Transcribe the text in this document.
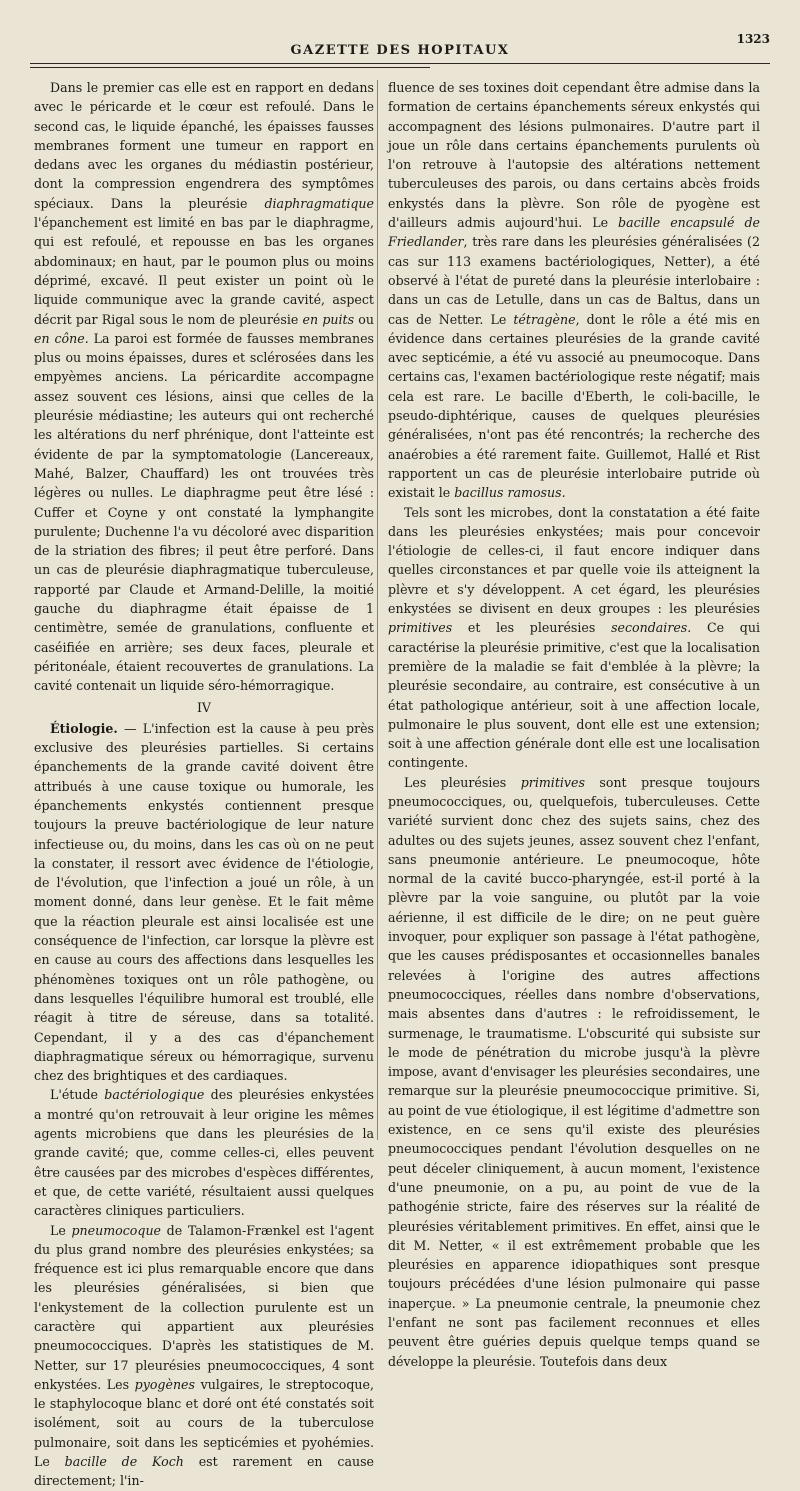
GAZETTE DES HOPITAUX
1323

Dans le premier cas elle est en rapport en dedans avec le péricarde et le cœur est refoulé. Dans le second cas, le liquide épanché, les épaisses fausses membranes forment une tumeur en rapport en dedans avec les organes du médiastin postérieur, dont la compression engendrera des symptômes spéciaux. Dans la pleurésie diaphragmatique l'épanchement est limité en bas par le diaphragme, qui est refoulé, et repousse en bas les organes abdominaux; en haut, par le poumon plus ou moins déprimé, excavé. Il peut exister un point où le liquide communique avec la grande cavité, aspect décrit par Rigal sous le nom de pleurésie en puits ou en cône. La paroi est formée de fausses membranes plus ou moins épaisses, dures et sclérosées dans les empyèmes anciens. La péricardite accompagne assez souvent ces lésions, ainsi que celles de la pleurésie médiastine; les auteurs qui ont recherché les altérations du nerf phrénique, dont l'atteinte est évidente de par la symptomatologie (Lancereaux, Mahé, Balzer, Chauffard) les ont trouvées très légères ou nulles. Le diaphragme peut être lésé : Cuffer et Coyne y ont constaté la lymphangite purulente; Duchenne l'a vu décoloré avec disparition de la striation des fibres; il peut être perforé. Dans un cas de pleurésie diaphragmatique tuberculeuse, rapporté par Claude et Armand-Delille, la moitié gauche du diaphragme était épaisse de 1 centimètre, semée de granulations, confluente et caséifiée en arrière; ses deux faces, pleurale et péritonéale, étaient recouvertes de granulations. La cavité contenait un liquide séro-hémorragique.

IV

Étiologie. — L'infection est la cause à peu près exclusive des pleurésies partielles. Si certains épanchements de la grande cavité doivent être attribués à une cause toxique ou humorale, les épanchements enkystés contiennent presque toujours la preuve bactériologique de leur nature infectieuse ou, du moins, dans les cas où on ne peut la constater, il ressort avec évidence de l'étiologie, de l'évolution, que l'infection a joué un rôle, à un moment donné, dans leur genèse. Et le fait même que la réaction pleurale est ainsi localisée est une conséquence de l'infection, car lorsque la plèvre est en cause au cours des affections dans lesquelles les phénomènes toxiques ont un rôle pathogène, ou dans lesquelles l'équilibre humoral est troublé, elle réagit à titre de séreuse, dans sa totalité. Cependant, il y a des cas d'épanchement diaphragmatique séreux ou hémorragique, survenu chez des brightiques et des cardiaques.

L'étude bactériologique des pleurésies enkystées a montré qu'on retrouvait à leur origine les mêmes agents microbiens que dans les pleurésies de la grande cavité; que, comme celles-ci, elles peuvent être causées par des microbes d'espèces différentes, et que, de cette variété, résultaient aussi quelques caractères cliniques particuliers.

Le pneumocoque de Talamon-Frænkel est l'agent du plus grand nombre des pleurésies enkystées; sa fréquence est ici plus remarquable encore que dans les pleurésies généralisées, si bien que l'enkystement de la collection purulente est un caractère qui appartient aux pleurésies pneumococciques. D'après les statistiques de M. Netter, sur 17 pleurésies pneumococciques, 4 sont enkystées. Les pyogènes vulgaires, le streptocoque, le staphylocoque blanc et doré ont été constatés soit isolément, soit au cours de la tuberculose pulmonaire, soit dans les septicémies et pyohémies. Le bacille de Koch est rarement en cause directement; l'in-

fluence de ses toxines doit cependant être admise dans la formation de certains épanchements séreux enkystés qui accompagnent des lésions pulmonaires. D'autre part il joue un rôle dans certains épanchements purulents où l'on retrouve à l'autopsie des altérations nettement tuberculeuses des parois, ou dans certains abcès froids enkystés dans la plèvre. Son rôle de pyogène est d'ailleurs admis aujourd'hui. Le bacille encapsulé de Friedlander, très rare dans les pleurésies généralisées (2 cas sur 113 examens bactériologiques, Netter), a été observé à l'état de pureté dans la pleurésie interlobaire : dans un cas de Letulle, dans un cas de Baltus, dans un cas de Netter. Le tétragène, dont le rôle a été mis en évidence dans certaines pleurésies de la grande cavité avec septicémie, a été vu associé au pneumocoque. Dans certains cas, l'examen bactériologique reste négatif; mais cela est rare. Le bacille d'Eberth, le coli-bacille, le pseudo-diphtérique, causes de quelques pleurésies généralisées, n'ont pas été rencontrés; la recherche des anaérobies a été rarement faite. Guillemot, Hallé et Rist rapportent un cas de pleurésie interlobaire putride où existait le bacillus ramosus.

Tels sont les microbes, dont la constatation a été faite dans les pleurésies enkystées; mais pour concevoir l'étiologie de celles-ci, il faut encore indiquer dans quelles circonstances et par quelle voie ils atteignent la plèvre et s'y développent. A cet égard, les pleurésies enkystées se divisent en deux groupes : les pleurésies primitives et les pleurésies secondaires. Ce qui caractérise la pleurésie primitive, c'est que la localisation première de la maladie se fait d'emblée à la plèvre; la pleurésie secondaire, au contraire, est consécutive à un état pathologique antérieur, soit à une affection locale, pulmonaire le plus souvent, dont elle est une extension; soit à une affection générale dont elle est une localisation contingente.

Les pleurésies primitives sont presque toujours pneumococciques, ou, quelquefois, tuberculeuses. Cette variété survient donc chez des sujets sains, chez des adultes ou des sujets jeunes, assez souvent chez l'enfant, sans pneumonie antérieure. Le pneumocoque, hôte normal de la cavité bucco-pharyngée, est-il porté à la plèvre par la voie sanguine, ou plutôt par la voie aérienne, il est difficile de le dire; on ne peut guère invoquer, pour expliquer son passage à l'état pathogène, que les causes prédisposantes et occasionnelles banales relevées à l'origine des autres affections pneumococciques, réelles dans nombre d'observations, mais absentes dans d'autres : le refroidissement, le surmenage, le traumatisme. L'obscurité qui subsiste sur le mode de pénétration du microbe jusqu'à la plèvre impose, avant d'envisager les pleurésies secondaires, une remarque sur la pleurésie pneumococcique primitive. Si, au point de vue étiologique, il est légitime d'admettre son existence, en ce sens qu'il existe des pleurésies pneumococciques pendant l'évolution desquelles on ne peut déceler cliniquement, à aucun moment, l'existence d'une pneumonie, on a pu, au point de vue de la pathogénie stricte, faire des réserves sur la réalité de pleurésies véritablement primitives. En effet, ainsi que le dit M. Netter, « il est extrêmement probable que les pleurésies en apparence idiopathiques sont presque toujours précédées d'une lésion pulmonaire qui passe inaperçue. » La pneumonie centrale, la pneumonie chez l'enfant ne sont pas facilement reconnues et elles peuvent être guéries depuis quelque temps quand se développe la pleurésie. Toutefois dans deux
